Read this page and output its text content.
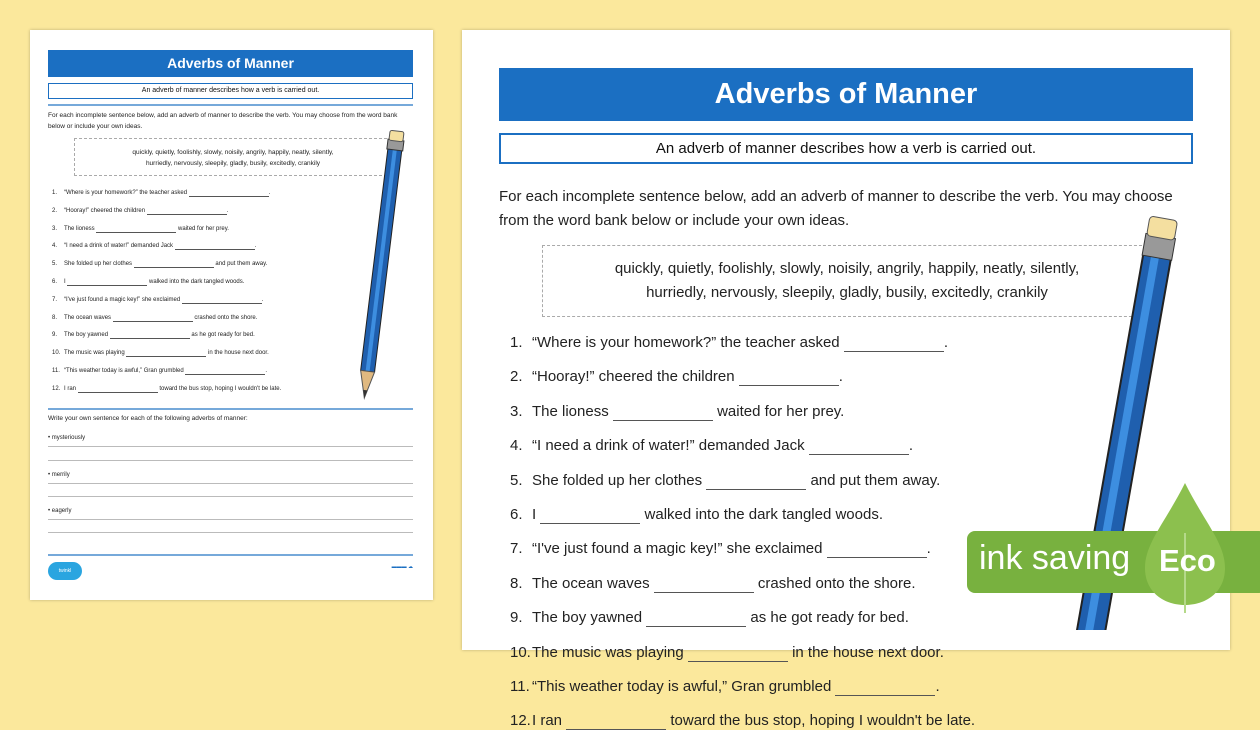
Adverbs of Manner
An adverb of manner describes how a verb is carried out.
For each incomplete sentence below, add an adverb of manner to describe the verb. You may choose from the word bank below or include your own ideas.
quickly, quietly, foolishly, slowly, noisily, angrily, happily, neatly, silently,
hurriedly, nervously, sleepily, gladly, busily, excitedly, crankily
1. “Where is your homework?” the teacher asked	.
2. “Hooray!” cheered the children	.
3. The lioness	waited for her prey.
4. “I need a drink of water!” demanded Jack	.
5. She folded up her clothes	and put them away.
6. I	walked into the dark tangled woods.
7. “I've just found a magic key!” she exclaimed	.
8. The ocean waves	crashed onto the shore.
9. The boy yawned	as he got ready for bed.
10. The music was playing	in the house next door.
11. “This weather today is awful,” Gran grumbled	.
12. I ran	toward the bus stop, hoping I wouldn't be late.
Write your own sentence for each of the following adverbs of manner:
• mysteriously
• merrily
• eagerly
twinkl
▬▬▬ ☁
Adverbs of Manner
An adverb of manner describes how a verb is carried out.
For each incomplete sentence below, add an adverb of manner to describe the verb. You may choose from the word bank below or include your own ideas.
quickly, quietly, foolishly, slowly, noisily, angrily, happily, neatly, silently,
hurriedly, nervously, sleepily, gladly, busily, excitedly, crankily
1. “Where is your homework?” the teacher asked	.
2. “Hooray!” cheered the children	.
3. The lioness	waited for her prey.
4. “I need a drink of water!” demanded Jack	.
5. She folded up her clothes	and put them away.
6. I	walked into the dark tangled woods.
7. “I've just found a magic key!” she exclaimed	.
8. The ocean waves	crashed onto the shore.
9. The boy yawned	as he got ready for bed.
10.The music was playing	in the house next door.
11. “This weather today is awful,” Gran grumbled	.
12.I ran	toward the bus stop, hoping I wouldn't be late.
ink saving Eco
